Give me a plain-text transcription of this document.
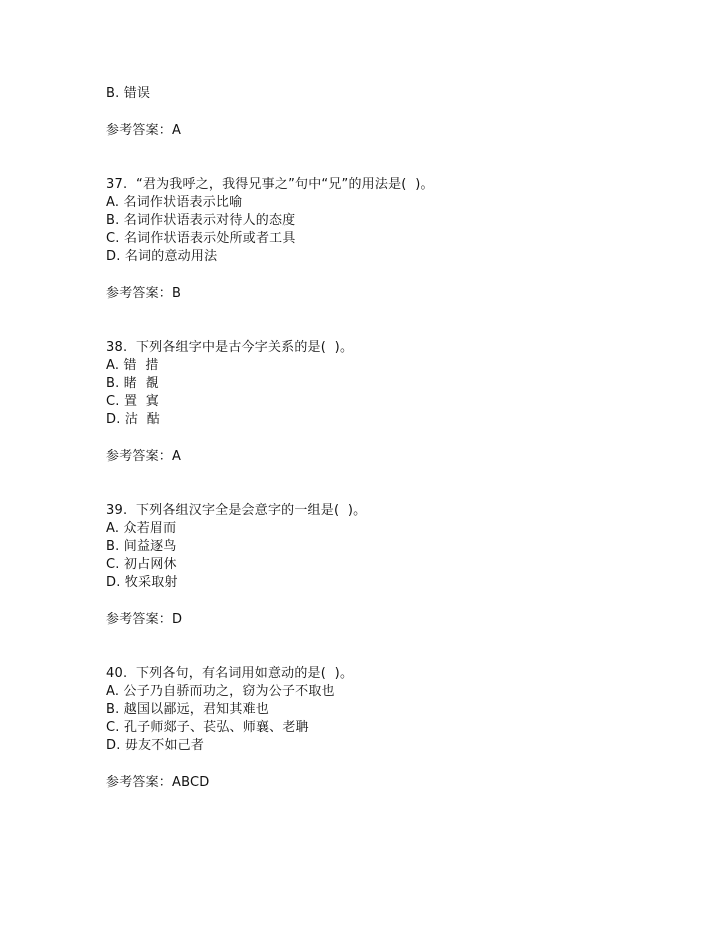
B. 错误
参考答案：A
37.  “君为我呼之，我得兄事之”句中“兄”的用法是(  )。
A. 名词作状语表示比喻
B. 名词作状语表示对待人的态度
C. 名词作状语表示处所或者工具
D. 名词的意动用法
参考答案：B
38.  下列各组字中是古今字关系的是(  )。
A. 错  措
B. 睹  覩
C. 置  寘
D. 沽  酤
参考答案：A
39.  下列各组汉字全是会意字的一组是(  )。
A. 众若眉而
B. 间益逐鸟
C. 初占网休
D. 牧采取射
参考答案：D
40.  下列各句，有名词用如意动的是(  )。
A. 公子乃自骄而功之，窃为公子不取也
B. 越国以鄙远，君知其难也
C. 孔子师郯子、苌弘、师襄、老聃
D. 毋友不如己者
参考答案：ABCD
